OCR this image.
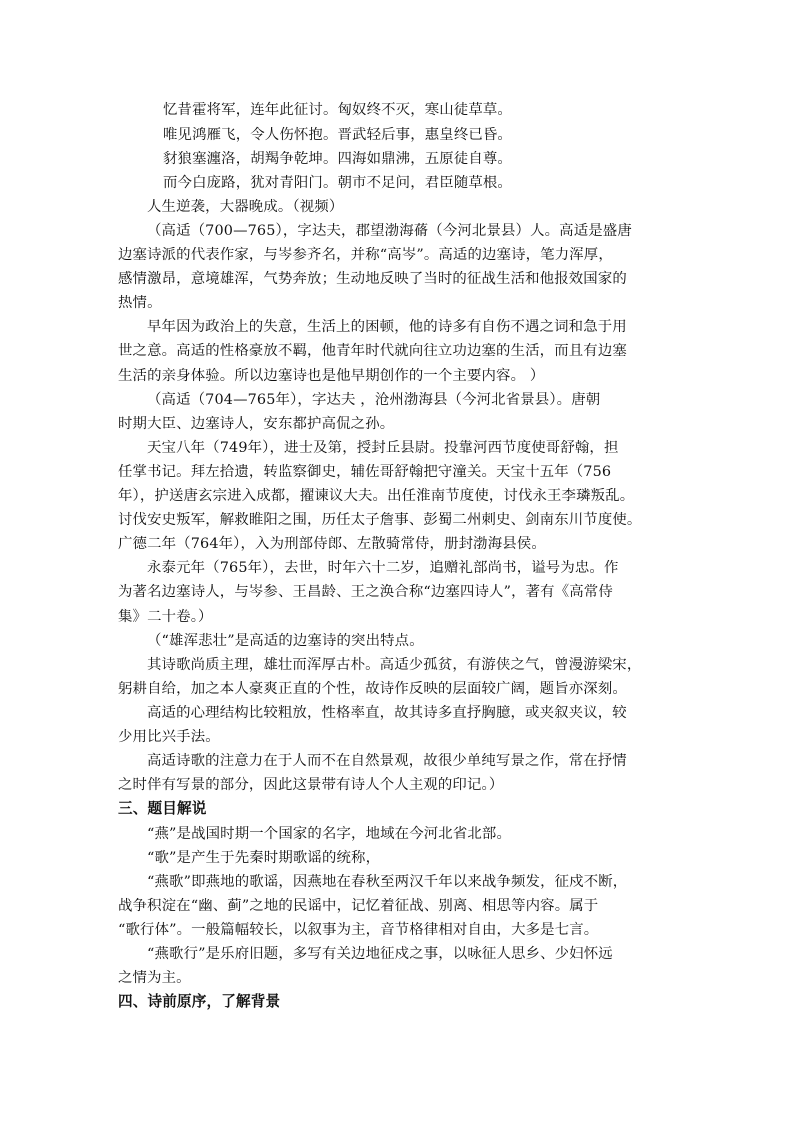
忆昔霍将军，连年此征讨。匈奴终不灭，寒山徒草草。
唯见鸿雁飞，令人伤怀抱。晋武轻后事，惠皇终已昏。
豺狼塞瀍洛，胡羯争乾坤。四海如鼎沸，五原徒自尊。
而今白庞路，犹对青阳门。朝市不足问，君臣随草根。
人生逆袭，大器晚成。（视频）
（高适（700—765），字达夫，郡望渤海蓨（今河北景县）人。高适是盛唐
边塞诗派的代表作家，与岑参齐名，并称“高岑”。高适的边塞诗，笔力浑厚，
感情激昂，意境雄浑，气势奔放；生动地反映了当时的征战生活和他报效国家的
热情。
早年因为政治上的失意，生活上的困顿，他的诗多有自伤不遇之词和急于用
世之意。高适的性格豪放不羁，他青年时代就向往立功边塞的生活，而且有边塞
生活的亲身体验。所以边塞诗也是他早期创作的一个主要内容。 ）
（高适（704—765年），字达夫 ，沧州渤海县（今河北省景县）。唐朝
时期大臣、边塞诗人，安东都护高侃之孙。
天宝八年（749年），进士及第，授封丘县尉。投靠河西节度使哥舒翰，担
任掌书记。拜左拾遗，转监察御史，辅佐哥舒翰把守潼关。天宝十五年（756
年），护送唐玄宗进入成都，擢谏议大夫。出任淮南节度使，讨伐永王李璘叛乱。
讨伐安史叛军，解救睢阳之围，历任太子詹事、彭蜀二州刺史、剑南东川节度使。
广德二年（764年），入为刑部侍郎、左散骑常侍，册封渤海县侯。
永泰元年（765年），去世，时年六十二岁，追赠礼部尚书，谥号为忠。作
为著名边塞诗人，与岑参、王昌龄、王之涣合称“边塞四诗人”，著有《高常侍
集》二十卷。）
（“雄浑悲壮”是高适的边塞诗的突出特点。
其诗歌尚质主理，雄壮而浑厚古朴。高适少孤贫，有游侠之气，曾漫游梁宋，
躬耕自给，加之本人豪爽正直的个性，故诗作反映的层面较广阔，题旨亦深刻。
高适的心理结构比较粗放，性格率直，故其诗多直抒胸臆，或夹叙夹议，较
少用比兴手法。
高适诗歌的注意力在于人而不在自然景观，故很少单纯写景之作，常在抒情
之时伴有写景的部分，因此这景带有诗人个人主观的印记。）
三、题目解说
“燕”是战国时期一个国家的名字，地域在今河北省北部。
“歌”是产生于先秦时期歌谣的统称，
“燕歌”即燕地的歌谣，因燕地在春秋至两汉千年以来战争频发，征戍不断，
战争积淀在“幽、蓟”之地的民谣中，记忆着征战、别离、相思等内容。属于
“歌行体”。一般篇幅较长，以叙事为主，音节格律相对自由，大多是七言。
“燕歌行”是乐府旧题，多写有关边地征戍之事，以咏征人思乡、少妇怀远
之情为主。
四、诗前原序，了解背景
